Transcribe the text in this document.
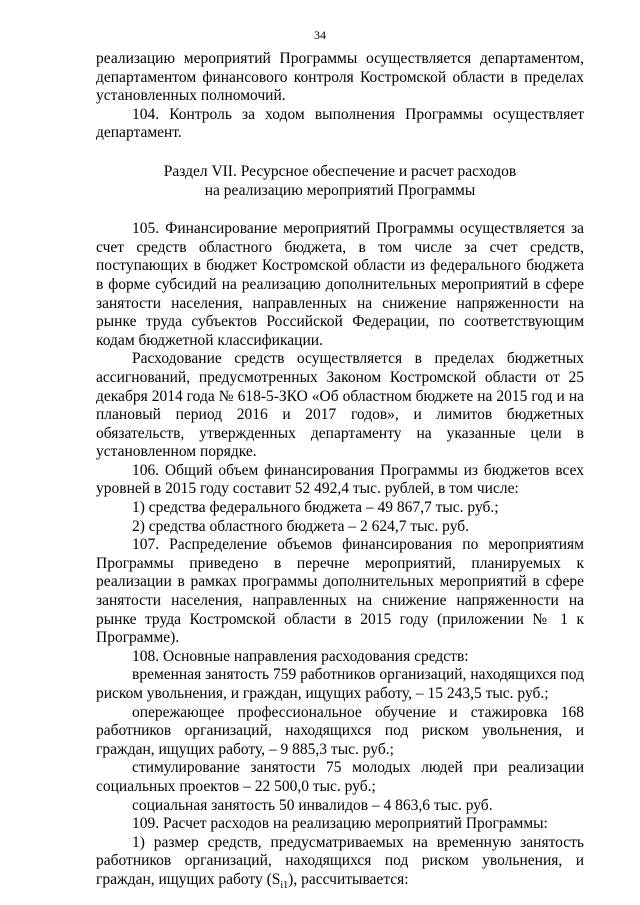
34

реализацию мероприятий Программы осуществляется департаментом, департаментом финансового контроля Костромской области в пределах установленных полномочий.

104. Контроль за ходом выполнения Программы осуществляет департамент.

Раздел VII. Ресурсное обеспечение и расчет расходов

на реализацию мероприятий Программы

105. Финансирование мероприятий Программы осуществляется за счет средств областного бюджета, в том числе за счет средств, поступающих в бюджет Костромской области из федерального бюджета в форме субсидий на реализацию дополнительных мероприятий в сфере занятости населения, направленных на снижение напряженности на рынке труда субъектов Российской Федерации, по соответствующим кодам бюджетной классификации.

Расходование средств осуществляется в пределах бюджетных ассигнований, предусмотренных Законом Костромской области от 25 декабря 2014 года № 618-5-ЗКО «Об областном бюджете на 2015 год и на плановый период 2016 и 2017 годов», и лимитов бюджетных обязательств, утвержденных департаменту на указанные цели в установленном порядке.

106. Общий объем финансирования Программы из бюджетов всех уровней в 2015 году составит 52 492,4 тыс. рублей, в том числе:

1) средства федерального бюджета – 49 867,7 тыс. руб.;

2) средства областного бюджета – 2 624,7 тыс. руб.

107. Распределение объемов финансирования по мероприятиям Программы приведено в перечне мероприятий, планируемых к реализации в рамках программы дополнительных мероприятий в сфере занятости населения, направленных на снижение напряженности на рынке труда Костромской области в 2015 году (приложении № 1 к Программе).

108. Основные направления расходования средств:

временная занятость 759 работников организаций, находящихся под риском увольнения, и граждан, ищущих работу, – 15 243,5 тыс. руб.;

опережающее профессиональное обучение и стажировка 168 работников организаций, находящихся под риском увольнения, и граждан, ищущих работу, – 9 885,3 тыс. руб.;

стимулирование занятости 75 молодых людей при реализации социальных проектов – 22 500,0 тыс. руб.;

социальная занятость 50 инвалидов – 4 863,6 тыс. руб.

109. Расчет расходов на реализацию мероприятий Программы:

1) размер средств, предусматриваемых на временную занятость работников организаций, находящихся под риском увольнения, и граждан, ищущих работу $(S_{i1})$, рассчитывается:
